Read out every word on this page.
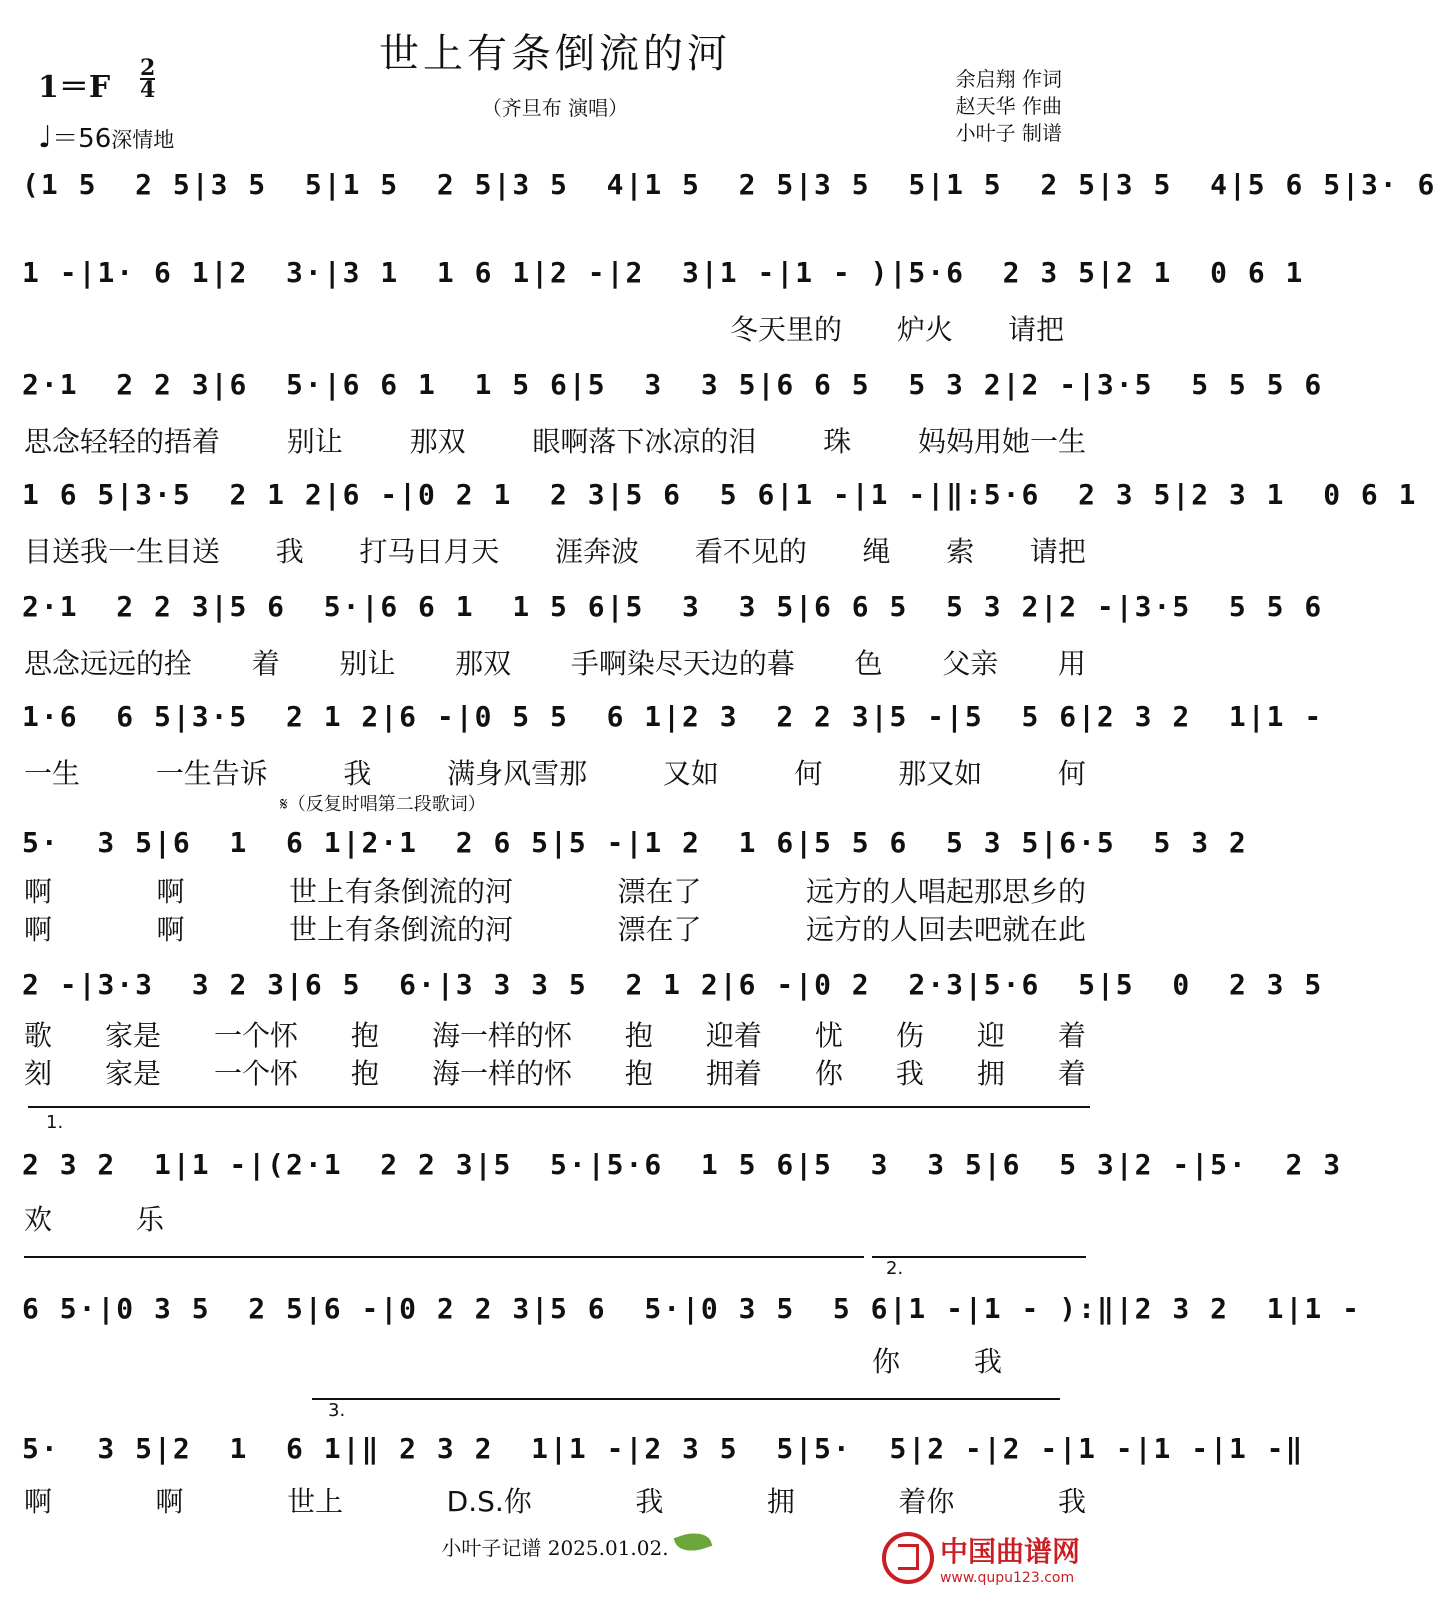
世上有条倒流的河
（齐旦布 演唱）
1＝F
2
4
♩＝56深情地
余启翔 作词
赵天华 作曲
小叶子 制谱
(1 5  2 5 | 3 5  5 | 1 5  2 5 | 3 5  4 | 1 5  2 5 | 3 5  5 | 1 5  2 5 | 3 5  4 | 5 6 5 | 3· 6
1 - | 1· 6 1 | 2  3· | 3 1  1 6 1 | 2 - | 2  3 | 1 - | 1 - ) | 5·6  2 3 5 | 2 1  0 6 1
冬天里的 炉火 请把
2·1  2 2 3 | 6  5· | 6 6 1  1 5 6 | 5  3  3 5 | 6 6 5  5 3 2 | 2 - | 3·5  5 5 5 6
思念轻轻的捂着 别让 那双 眼啊落下冰凉的泪 珠 妈妈用她一生
1 6 5 | 3·5  2 1 2 | 6 - | 0 2 1  2 3 | 5 6  5 6 | 1 - | 1 - | ‖:5·6  2 3 5 | 2 3 1  0 6 1
目送我一生目送 我 打马日月天 涯奔波 看不见的 绳 索 请把
2·1  2 2 3 | 5 6  5· | 6 6 1  1 5 6 | 5  3  3 5 | 6 6 5  5 3 2 | 2 - | 3·5  5 5 6
思念远远的拴 着 别让 那双 手啊染尽天边的暮 色 父亲 用
1·6  6 5 | 3·5  2 1 2 | 6 - | 0 5 5  6 1 | 2 3  2 2 3 | 5 - | 5  5 6 | 2 3 2  1 | 1 -
一生	一生告诉	我	满身风雪那	又如	何	那又如	何
5·  3 5 | 6  1  6 1 | 2·1  2 6 5 | 5 - | 1 2  1 6 | 5 5 6  5 3 5 | 6·5  5 3 2
啊	啊	世上有条倒流的河	漂在了	远方的人唱起那思乡的
啊	啊	世上有条倒流的河	漂在了	远方的人回去吧就在此
2 - | 3·3  3 2 3 | 6 5  6· | 3 3 3 5  2 1 2 | 6 - | 0 2  2·3 | 5·6  5 | 5  0  2 3 5
歌 家是 一个怀 抱 海一样的怀 抱 迎着 忧 伤 迎 着
刻 家是 一个怀 抱 海一样的怀 抱 拥着 你 我 拥 着
2 3 2  1 | 1 - | (2·1  2 2 3 | 5  5· | 5·6  1 5 6 | 5  3  3 5 | 6  5 3 | 2 - | 5·  2 3
欢	乐
6 5· | 0 3 5  2 5 | 6 - | 0 2 2 3 | 5 6  5· | 0 3 5  5 6 | 1 - | 1 - ):‖ | 2 3 2  1 | 1 -
你	我
5·  3 5 | 2  1  6 1 | ‖ 2 3 2  1 | 1 - | 2 3 5  5 | 5·  5 | 2 - | 2 - | 1 - | 1 - | 1 -‖
啊	啊	世上	D.S.你	我	拥	着你	我
𝄋（反复时唱第二段歌词）
1.
2.
3.
小叶子记谱 2025.01.02.	中国曲谱网
www.qupu123.com
